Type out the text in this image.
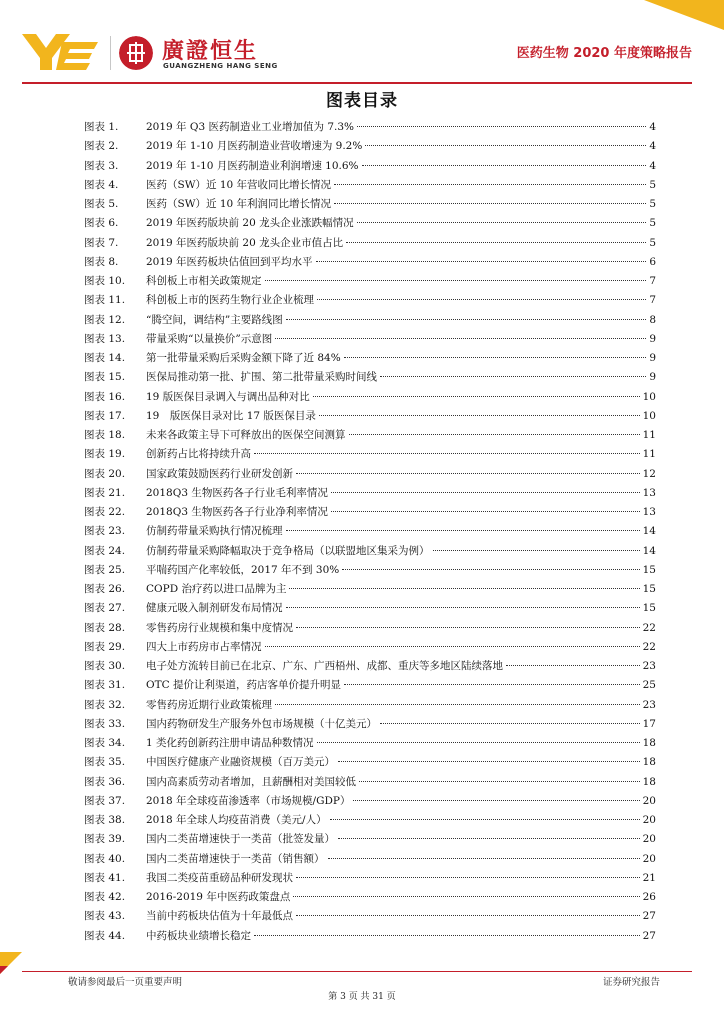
廣證恒生
GUANGZHENG HANG SENG
医药生物 2020 年度策略报告
图表目录
图表 1.	2019 年 Q3 医药制造业工业增加值为 7.3%	4
图表 2.	2019 年 1-10 月医药制造业营收增速为 9.2%	4
图表 3.	2019 年 1-10 月医药制造业利润增速 10.6%	4
图表 4.	医药（SW）近 10 年营收同比增长情况	5
图表 5.	医药（SW）近 10 年利润同比增长情况	5
图表 6.	2019 年医药版块前 20 龙头企业涨跌幅情况	5
图表 7.	2019 年医药版块前 20 龙头企业市值占比	5
图表 8.	2019 年医药板块估值回到平均水平	6
图表 10.	科创板上市相关政策规定	7
图表 11.	科创板上市的医药生物行业企业梳理	7
图表 12.	“腾空间，调结构”主要路线图	8
图表 13.	带量采购“以量换价”示意图	9
图表 14.	第一批带量采购后采购金额下降了近 84%	9
图表 15.	医保局推动第一批、扩围、第二批带量采购时间线	9
图表 16.	19 版医保目录调入与调出品种对比	10
图表 17.	19　版医保目录对比 17 版医保目录	10
图表 18.	未来各政策主导下可释放出的医保空间测算	11
图表 19.	创新药占比将持续升高	11
图表 20.	国家政策鼓励医药行业研发创新	12
图表 21.	2018Q3 生物医药各子行业毛利率情况	13
图表 22.	2018Q3 生物医药各子行业净利率情况	13
图表 23.	仿制药带量采购执行情况梳理	14
图表 24.	仿制药带量采购降幅取决于竞争格局（以联盟地区集采为例）	14
图表 25.	平喘药国产化率较低，2017 年不到 30%	15
图表 26.	COPD 治疗药以进口品牌为主	15
图表 27.	健康元吸入制剂研发布局情况	15
图表 28.	零售药房行业规模和集中度情况	22
图表 29.	四大上市药房市占率情况	22
图表 30.	电子处方流转目前已在北京、广东、广西梧州、成都、重庆等多地区陆续落地	23
图表 31.	OTC 提价让利渠道，药店客单价提升明显	25
图表 32.	零售药房近期行业政策梳理	23
图表 33.	国内药物研发生产服务外包市场规模（十亿美元）	17
图表 34.	1 类化药创新药注册申请品种数情况	18
图表 35.	中国医疗健康产业融资规模（百万美元）	18
图表 36.	国内高素质劳动者增加，且薪酬相对美国较低	18
图表 37.	2018 年全球疫苗渗透率（市场规模/GDP）	20
图表 38.	2018 年全球人均疫苗消费（美元/人）	20
图表 39.	国内二类苗增速快于一类苗（批签发量）	20
图表 40.	国内二类苗增速快于一类苗（销售额）	20
图表 41.	我国二类疫苗重磅品种研发现状	21
图表 42.	2016-2019 年中医药政策盘点	26
图表 43.	当前中药板块估值为十年最低点	27
图表 44.	中药板块业绩增长稳定	27
敬请参阅最后一页重要声明	证券研究报告
第 3 页 共 31 页
